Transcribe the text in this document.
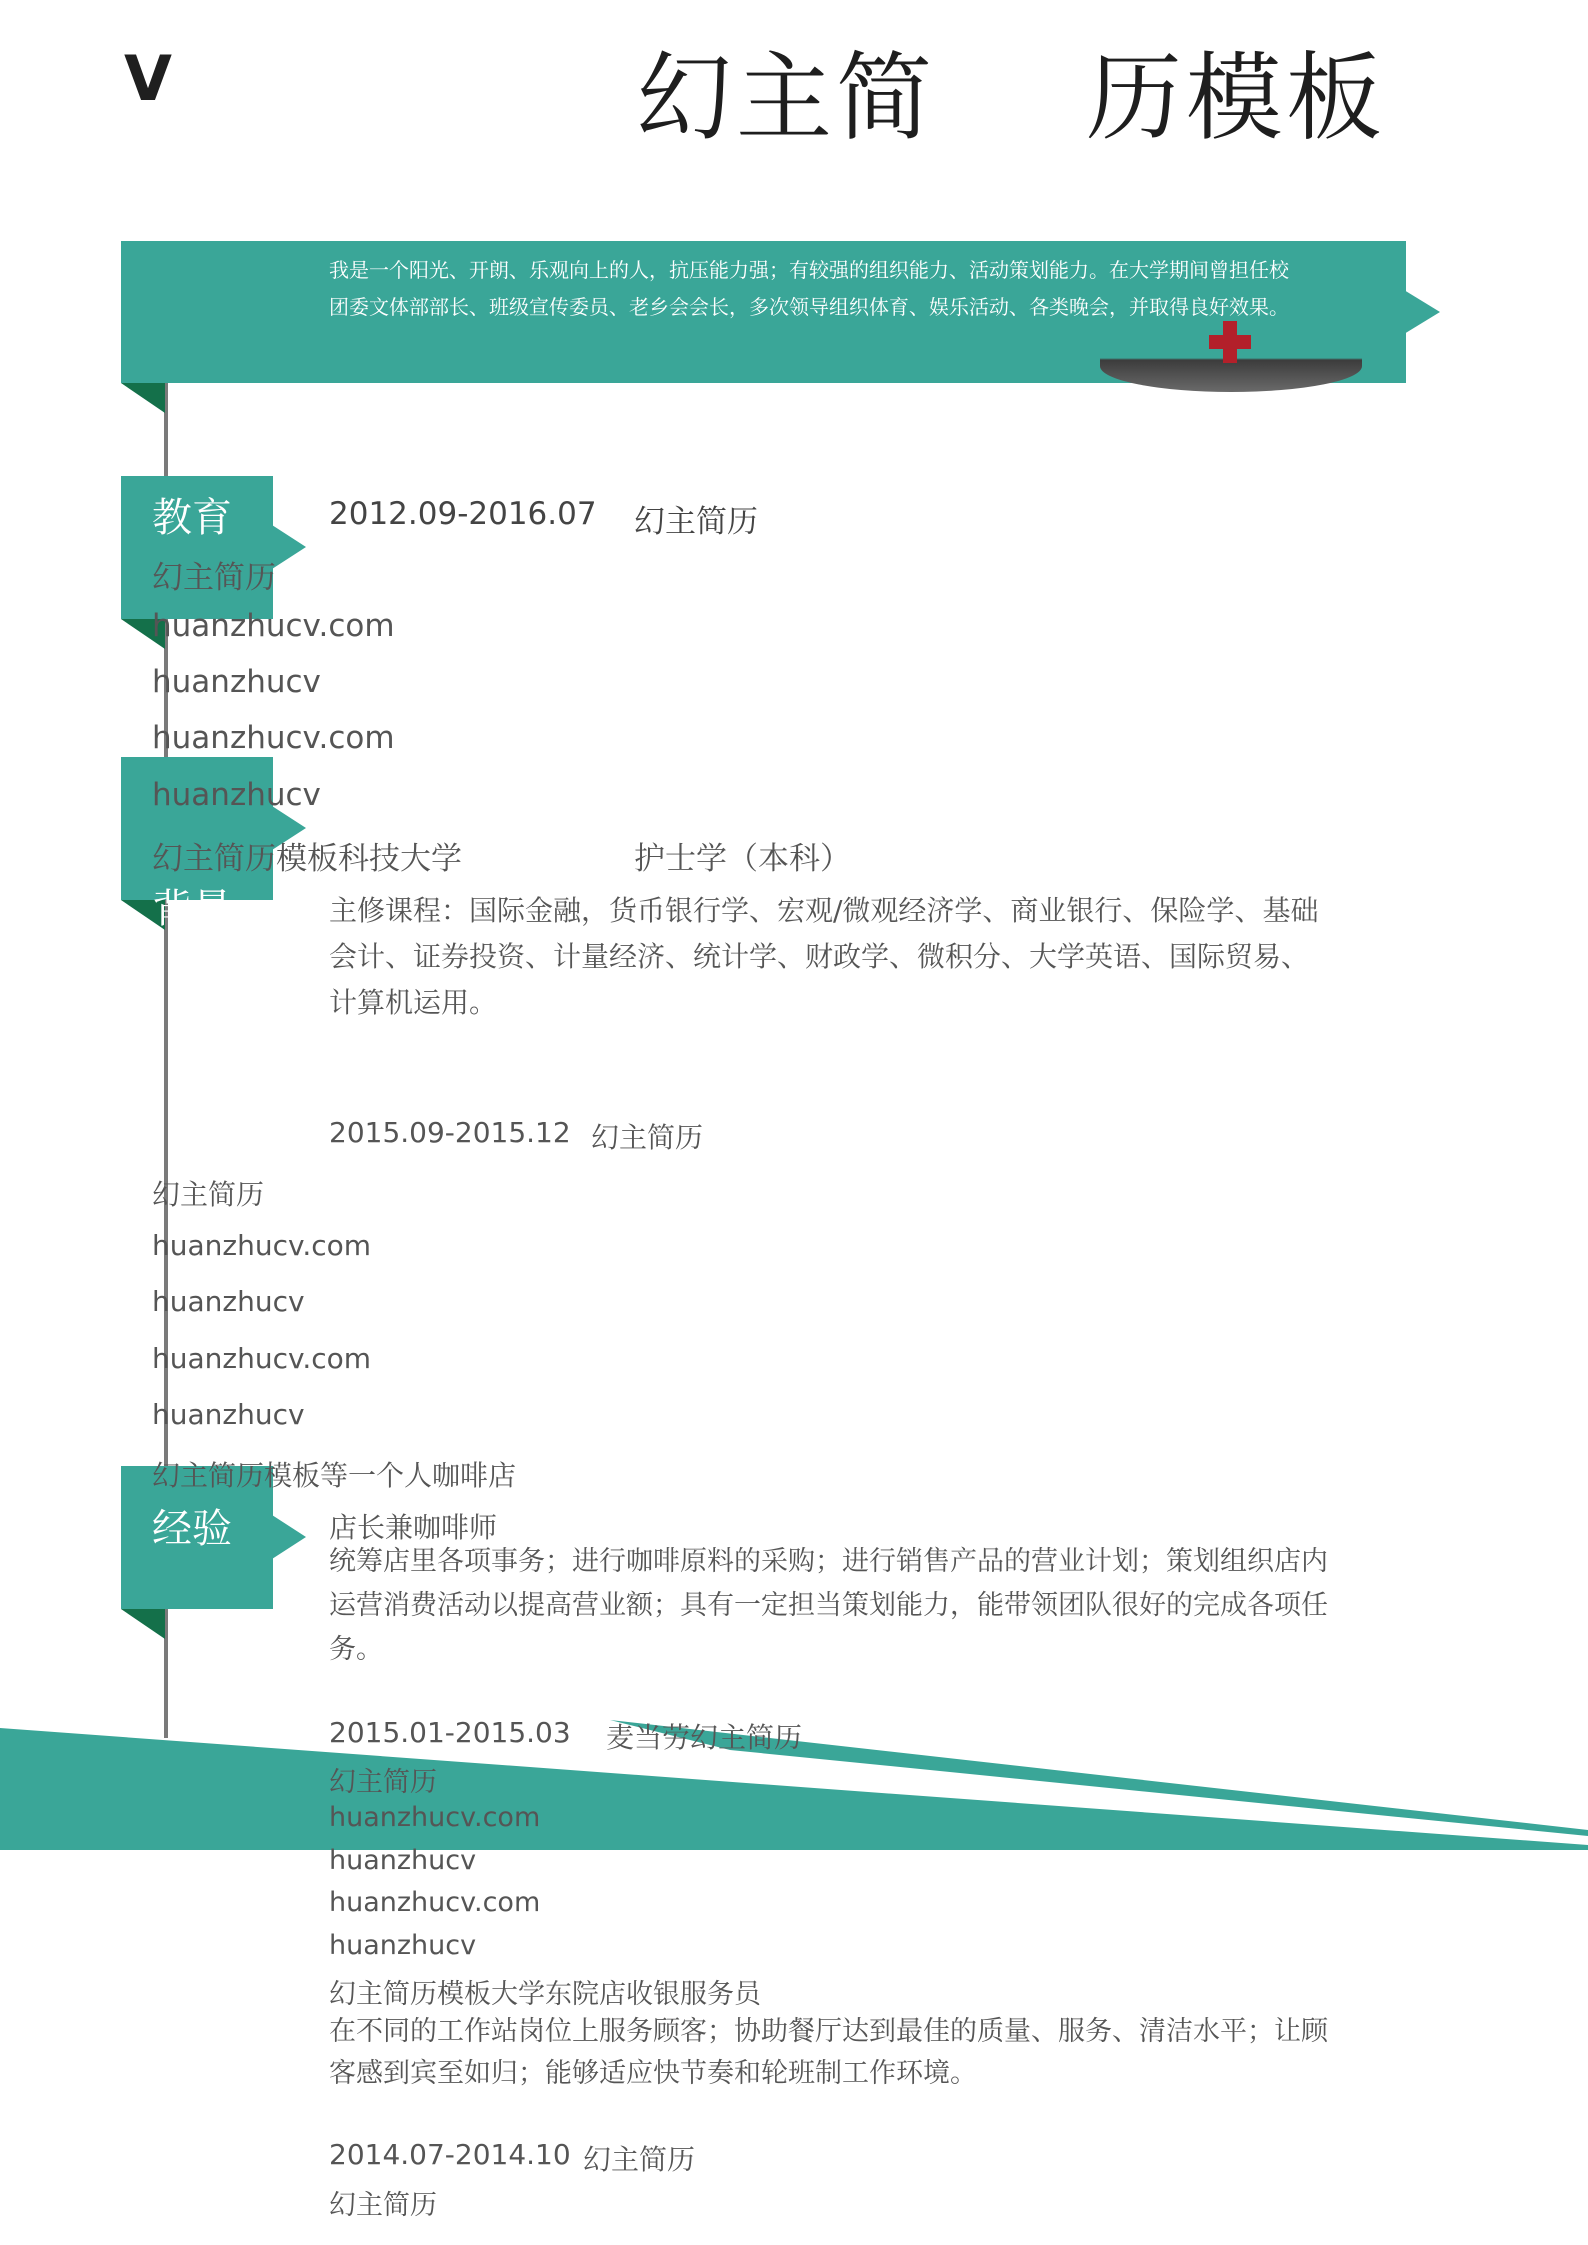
V	幻主简 历模板
我是一个阳光、开朗、乐观向上的人，抗压能力强；有较强的组织能力、活动策划能力。在大学期间曾担任校团委文体部部长、班级宣传委员、老乡会会长，多次领导组织体育、娱乐活动、各类晚会，并取得良好效果。
教育
背景
经验
2012.09-2016.07 幻主简历
幻主简历
huanzhucv.com
huanzhucv
huanzhucv.com
huanzhucv
幻主简历模板科技大学	护士学（本科）
主修课程：国际金融，货币银行学、宏观/微观经济学、商业银行、保险学、基础会计、证券投资、计量经济、统计学、财政学、微积分、大学英语、国际贸易、计算机运用。
2015.09-2015.12 幻主简历
幻主简历
huanzhucv.com
huanzhucv
huanzhucv.com
huanzhucv
幻主简历模板等一个人咖啡店
店长兼咖啡师
统筹店里各项事务；进行咖啡原料的采购；进行销售产品的营业计划；策划组织店内运营消费活动以提高营业额；具有一定担当策划能力，能带领团队很好的完成各项任务。
2015.01-2015.03 麦当劳幻主简历
幻主简历
huanzhucv.com
huanzhucv
huanzhucv.com
huanzhucv
幻主简历模板大学东院店收银服务员
在不同的工作站岗位上服务顾客；协助餐厅达到最佳的质量、服务、清洁水平；让顾客感到宾至如归；能够适应快节奏和轮班制工作环境。
2014.07-2014.10 幻主简历
幻主简历
